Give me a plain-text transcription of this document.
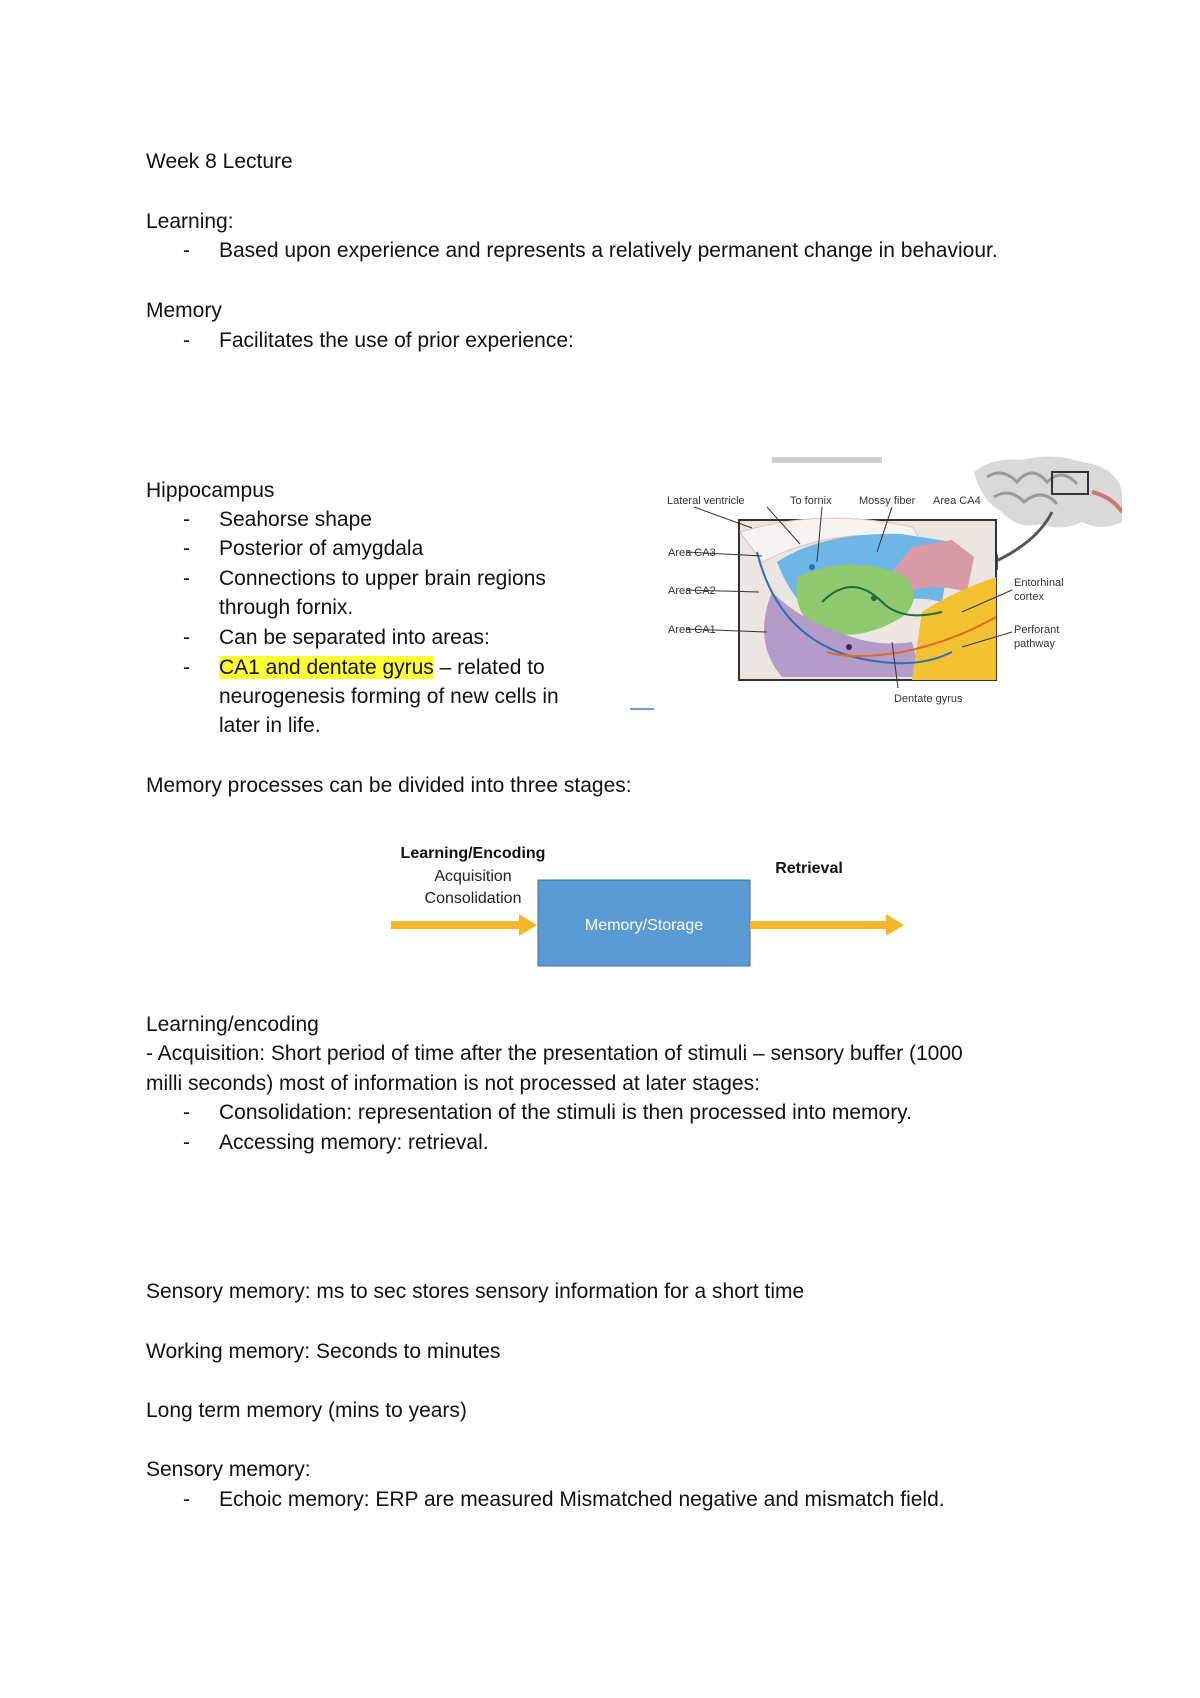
Week 8 Lecture
Learning:
- Based upon experience and represents a relatively permanent change in behaviour.
Memory
- Facilitates the use of prior experience:
Hippocampus
- Seahorse shape
- Posterior of amygdala
- Connections to upper brain regions
through fornix.
- Can be separated into areas:
- CA1 and dentate gyrus – related to
neurogenesis forming of new cells in
later in life.
Lateral ventricle	To fornix Mossy fiber Area CA4
Area CA3
Area CA2
Area CA1
Entorhinal
cortex
Perforant
pathway
Dentate gyrus
Memory processes can be divided into three stages:
Learning/Encoding
Acquisition
Consolidation
Retrieval
Memory/Storage
Learning/encoding
- Acquisition: Short period of time after the presentation of stimuli – sensory buffer (1000
milli seconds) most of information is not processed at later stages:
- Consolidation: representation of the stimuli is then processed into memory.
- Accessing memory: retrieval.
Sensory memory: ms to sec stores sensory information for a short time
Working memory: Seconds to minutes
Long term memory (mins to years)
Sensory memory:
- Echoic memory: ERP are measured Mismatched negative and mismatch field.
